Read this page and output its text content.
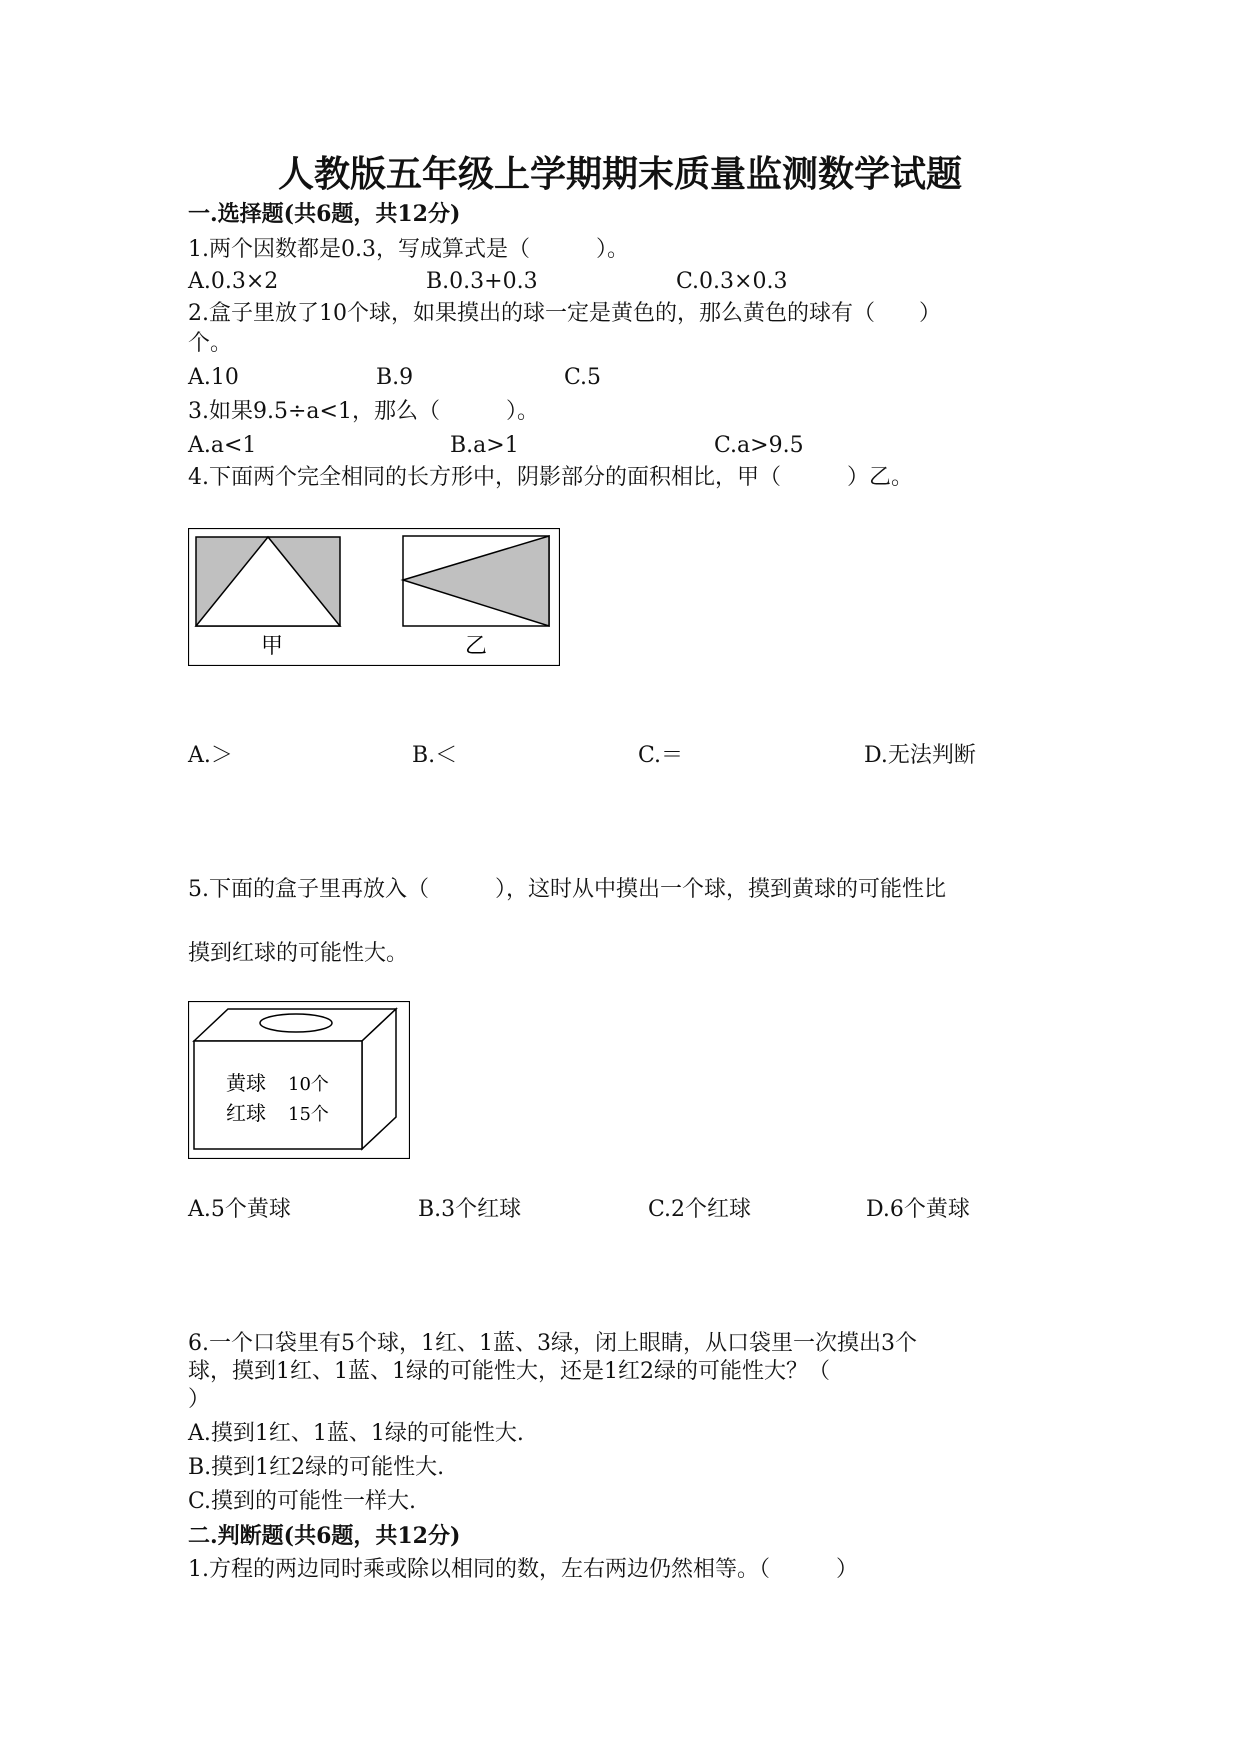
人教版五年级上学期期末质量监测数学试题
一.选择题(共6题，共12分)
1.两个因数都是0.3，写成算式是（　　　）。
A.0.3×2	B.0.3+0.3	C.0.3×0.3
2.盒子里放了10个球，如果摸出的球一定是黄色的，那么黄色的球有（　　）
个。
A.10	B.9	C.5
3.如果9.5÷a<1，那么（　　　）。
A.a<1	B.a>1	C.a>9.5
4.下面两个完全相同的长方形中，阴影部分的面积相比，甲（　　　）乙。
甲	乙
A.＞	B.＜	C.＝	D.无法判断
5.下面的盒子里再放入（　　　），这时从中摸出一个球，摸到黄球的可能性比
摸到红球的可能性大。
黄球 10个
红球 15个
A.5个黄球	B.3个红球	C.2个红球	D.6个黄球
6.一个口袋里有5个球，1红、1蓝、3绿，闭上眼睛，从口袋里一次摸出3个
球，摸到1红、1蓝、1绿的可能性大，还是1红2绿的可能性大？（
）
A.摸到1红、1蓝、1绿的可能性大.
B.摸到1红2绿的可能性大.
C.摸到的可能性一样大.
二.判断题(共6题，共12分)
1.方程的两边同时乘或除以相同的数，左右两边仍然相等。（　　　）
